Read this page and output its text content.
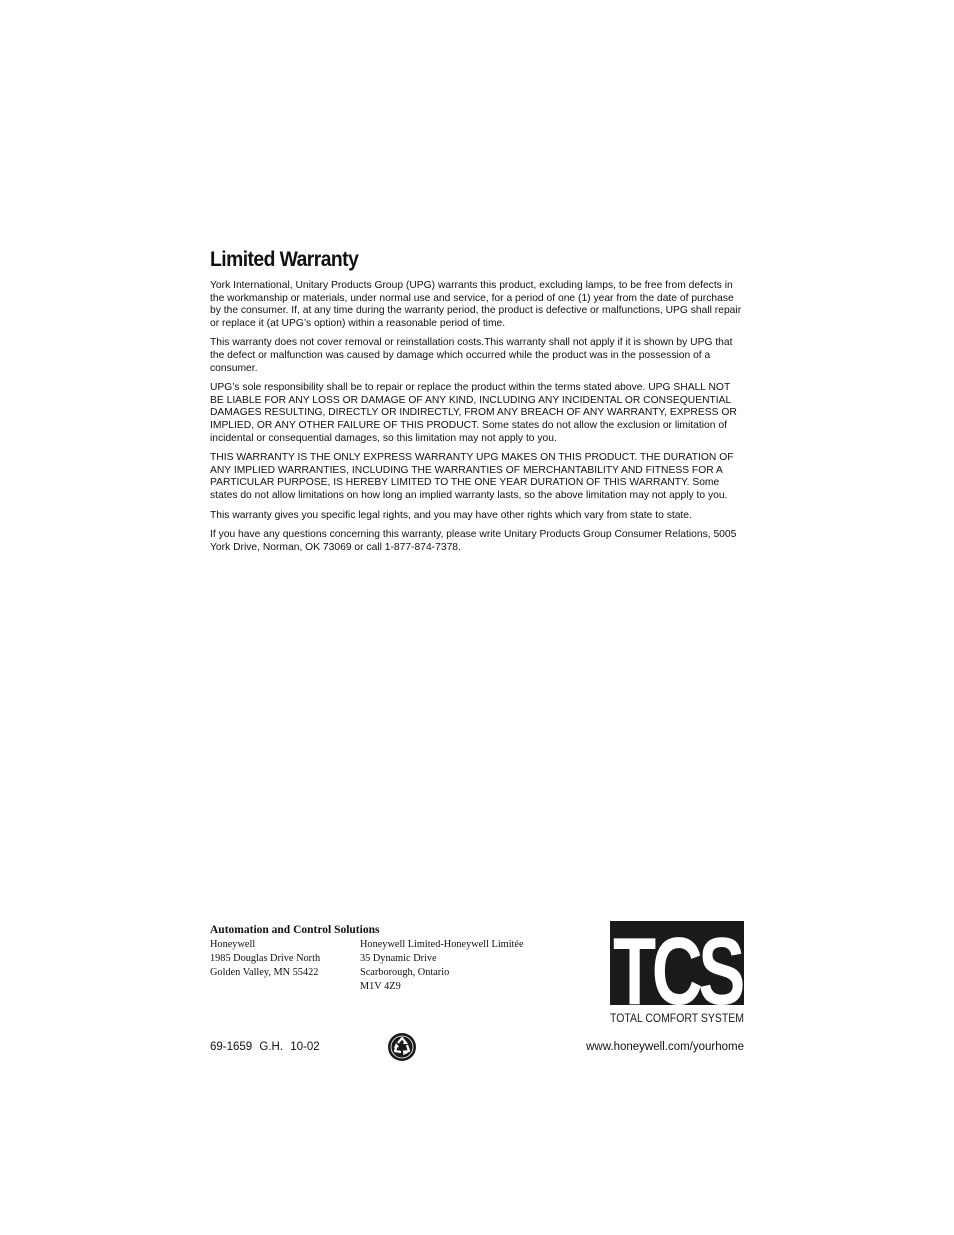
Limited Warranty

York International, Unitary Products Group (UPG) warrants this product, excluding lamps, to be free from defects in the workmanship or materials, under normal use and service, for a period of one (1) year from the date of purchase by the consumer. If, at any time during the warranty period, the product is defective or malfunctions, UPG shall repair or replace it (at UPG’s option) within a reasonable period of time.

This warranty does not cover removal or reinstallation costs.This warranty shall not apply if it is shown by UPG that the defect or malfunction was caused by damage which occurred while the product was in the possession of a consumer.

UPG’s sole responsibility shall be to repair or replace the product within the terms stated above. UPG SHALL NOT BE LIABLE FOR ANY LOSS OR DAMAGE OF ANY KIND, INCLUDING ANY INCIDENTAL OR CONSEQUENTIAL DAMAGES RESULTING, DIRECTLY OR INDIRECTLY, FROM ANY BREACH OF ANY WARRANTY, EXPRESS OR IMPLIED, OR ANY OTHER FAILURE OF THIS PRODUCT. Some states do not allow the exclusion or limitation of incidental or consequential damages, so this limitation may not apply to you.

THIS WARRANTY IS THE ONLY EXPRESS WARRANTY UPG MAKES ON THIS PRODUCT. THE DURATION OF ANY IMPLIED WARRANTIES, INCLUDING THE WARRANTIES OF MERCHANTABILITY AND FITNESS FOR A PARTICULAR PURPOSE, IS HEREBY LIMITED TO THE ONE YEAR DURATION OF THIS WARRANTY. Some states do not allow limitations on how long an implied warranty lasts, so the above limitation may not apply to you.

This warranty gives you specific legal rights, and you may have other rights which vary from state to state.

If you have any questions concerning this warranty, please write Unitary Products Group Consumer Relations, 5005 York Drive, Norman, OK 73069 or call 1-877-874-7378.

Automation and Control Solutions
Honeywell
1985 Douglas Drive North
Golden Valley, MN 55422
Honeywell Limited-Honeywell Limitée
35 Dynamic Drive
Scarborough, Ontario
M1V 4Z9	TCS
TOTAL COMFORT SYSTEM
69-1659 G.H. 10-02	www.honeywell.com/yourhome
